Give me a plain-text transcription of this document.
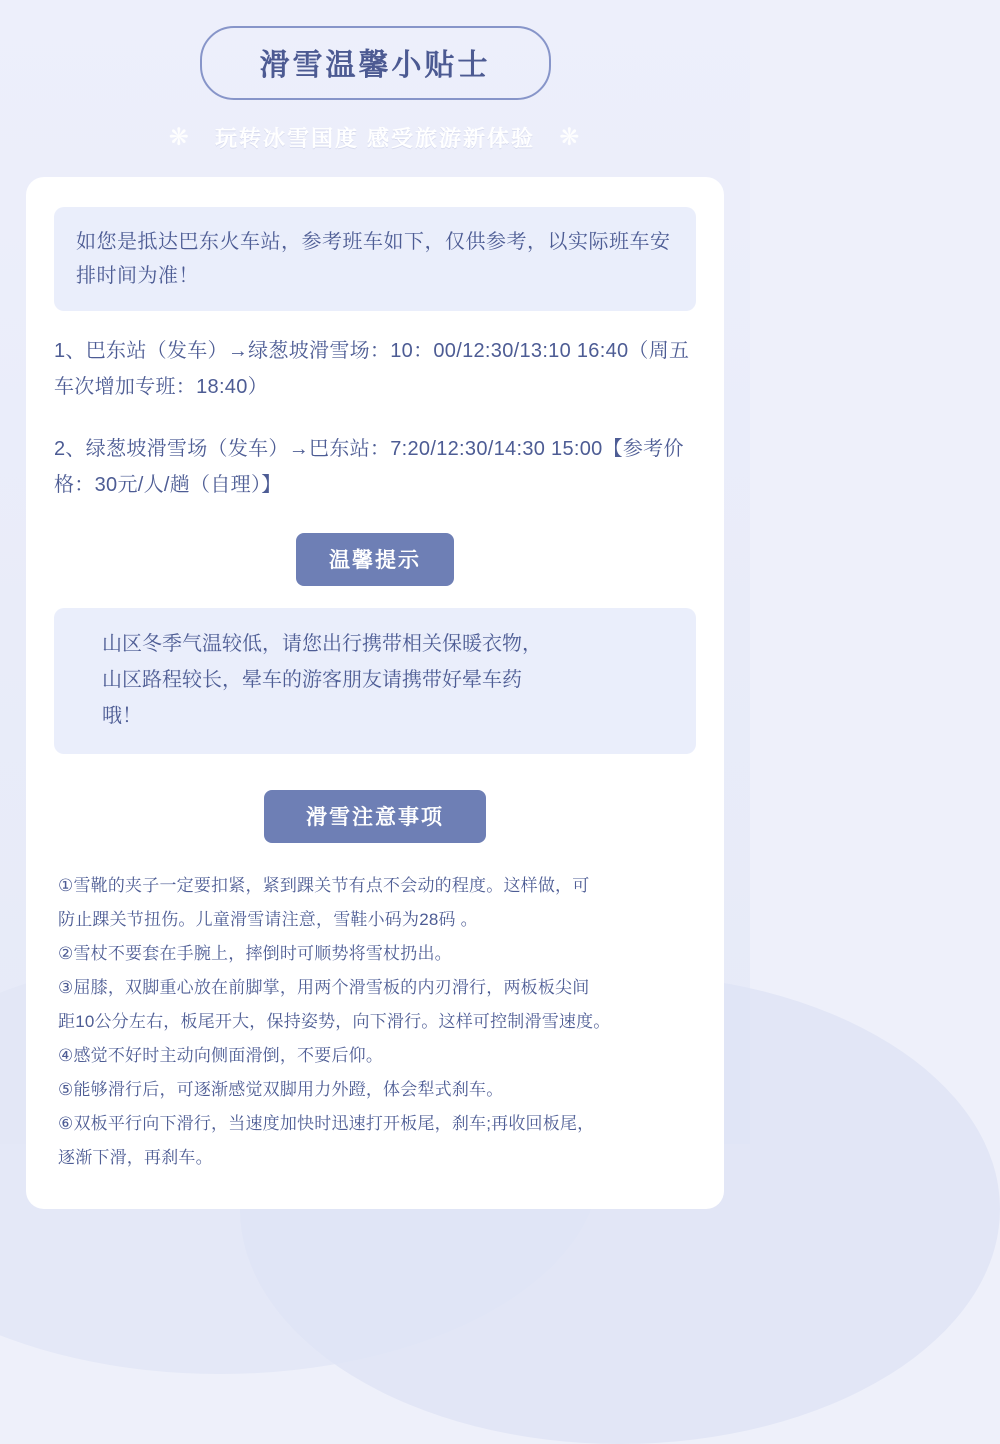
滑雪温馨小贴士
❋ 玩转冰雪国度 感受旅游新体验 ❋
如您是抵达巴东火车站，参考班车如下，仅供参考，以实际班车安排时间为准！
1、巴东站（发车）→绿葱坡滑雪场：10：00/12:30/13:10 16:40（周五车次增加专班：18:40）
2、绿葱坡滑雪场（发车）→巴东站：7:20/12:30/14:30 15:00【参考价格：30元/人/趟（自理）】
温馨提示
山区冬季气温较低，请您出行携带相关保暖衣物，
山区路程较长，晕车的游客朋友请携带好晕车药
哦！
滑雪注意事项

①雪靴的夹子一定要扣紧，紧到踝关节有点不会动的程度。这样做，可

防止踝关节扭伤。儿童滑雪请注意，雪鞋小码为28码 。

②雪杖不要套在手腕上，摔倒时可顺势将雪杖扔出。

③屈膝，双脚重心放在前脚掌，用两个滑雪板的内刃滑行，两板板尖间

距10公分左右，板尾开大，保持姿势，向下滑行。这样可控制滑雪速度。

④感觉不好时主动向侧面滑倒，不要后仰。

⑤能够滑行后，可逐渐感觉双脚用力外蹬，体会犁式刹车。

⑥双板平行向下滑行，当速度加快时迅速打开板尾，刹车;再收回板尾，

逐渐下滑，再刹车。
